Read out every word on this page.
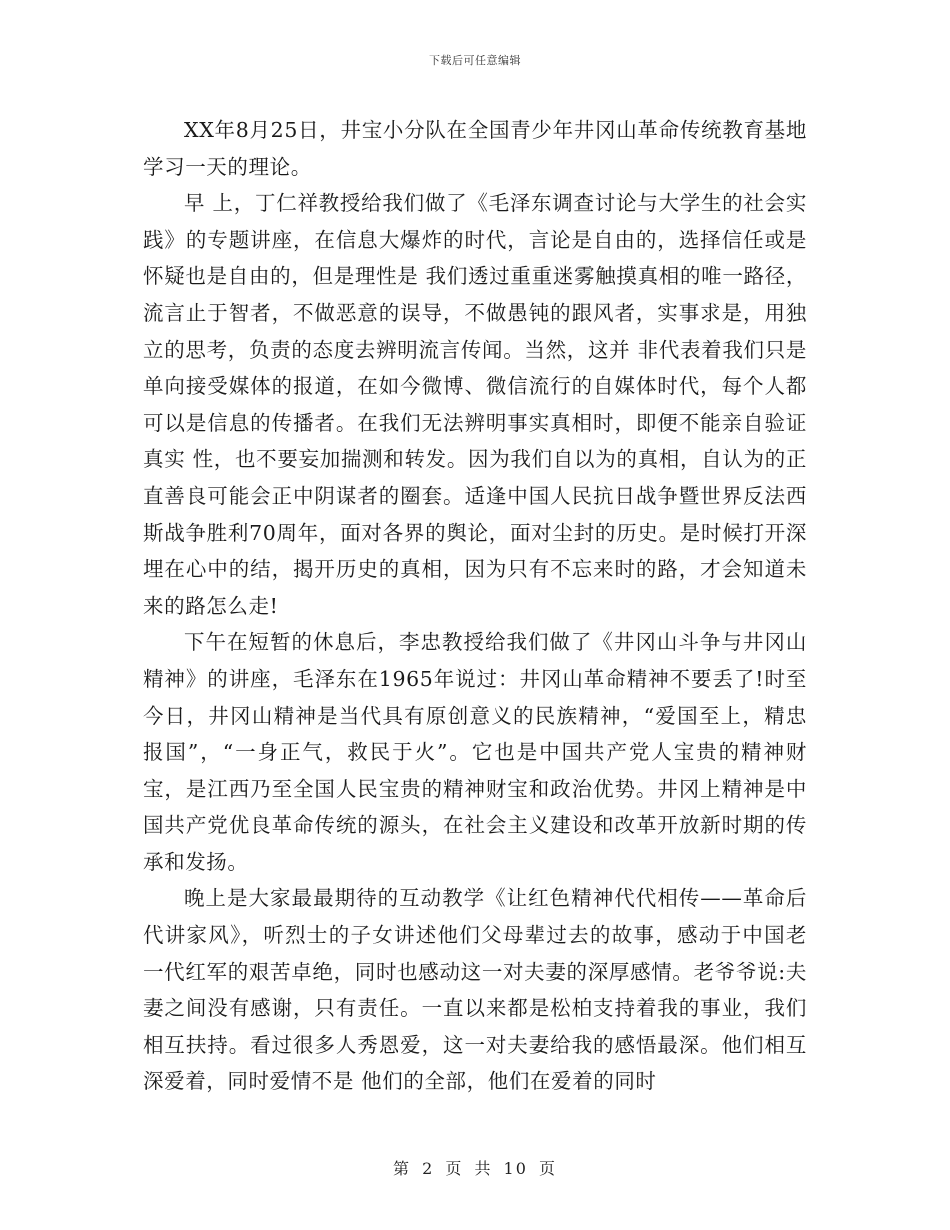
下载后可任意编辑

XX年8月25日，井宝小分队在全国青少年井冈山革命传统教育基地学习一天的理论。

早 上，丁仁祥教授给我们做了《毛泽东调查讨论与大学生的社会实践》的专题讲座，在信息大爆炸的时代，言论是自由的，选择信任或是怀疑也是自由的，但是理性是 我们透过重重迷雾触摸真相的唯一路径，流言止于智者，不做恶意的误导，不做愚钝的跟风者，实事求是，用独立的思考，负责的态度去辨明流言传闻。当然，这并 非代表着我们只是单向接受媒体的报道，在如今微博、微信流行的自媒体时代，每个人都可以是信息的传播者。在我们无法辨明事实真相时，即便不能亲自验证真实 性，也不要妄加揣测和转发。因为我们自以为的真相，自认为的正直善良可能会正中阴谋者的圈套。适逢中国人民抗日战争暨世界反法西斯战争胜利70周年，面对各界的舆论，面对尘封的历史。是时候打开深埋在心中的结，揭开历史的真相，因为只有不忘来时的路，才会知道未来的路怎么走!

下午在短暂的休息后，李忠教授给我们做了《井冈山斗争与井冈山精神》的讲座，毛泽东在1965年说过：井冈山革命精神不要丢了!时至今日，井冈山精神是当代具有原创意义的民族精神，“爱国至上，精忠报国”，“一身正气，救民于火”。它也是中国共产党人宝贵的精神财宝，是江西乃至全国人民宝贵的精神财宝和政治优势。井冈上精神是中国共产党优良革命传统的源头，在社会主义建设和改革开放新时期的传承和发扬。

晚上是大家最最期待的互动教学《让红色精神代代相传——革命后代讲家风》，听烈士的子女讲述他们父母辈过去的故事，感动于中国老一代红军的艰苦卓绝，同时也感动这一对夫妻的深厚感情。老爷爷说:夫 妻之间没有感谢，只有责任。一直以来都是松柏支持着我的事业，我们相互扶持。看过很多人秀恩爱，这一对夫妻给我的感悟最深。他们相互深爱着，同时爱情不是 他们的全部，他们在爱着的同时

第 2 页 共 10 页
